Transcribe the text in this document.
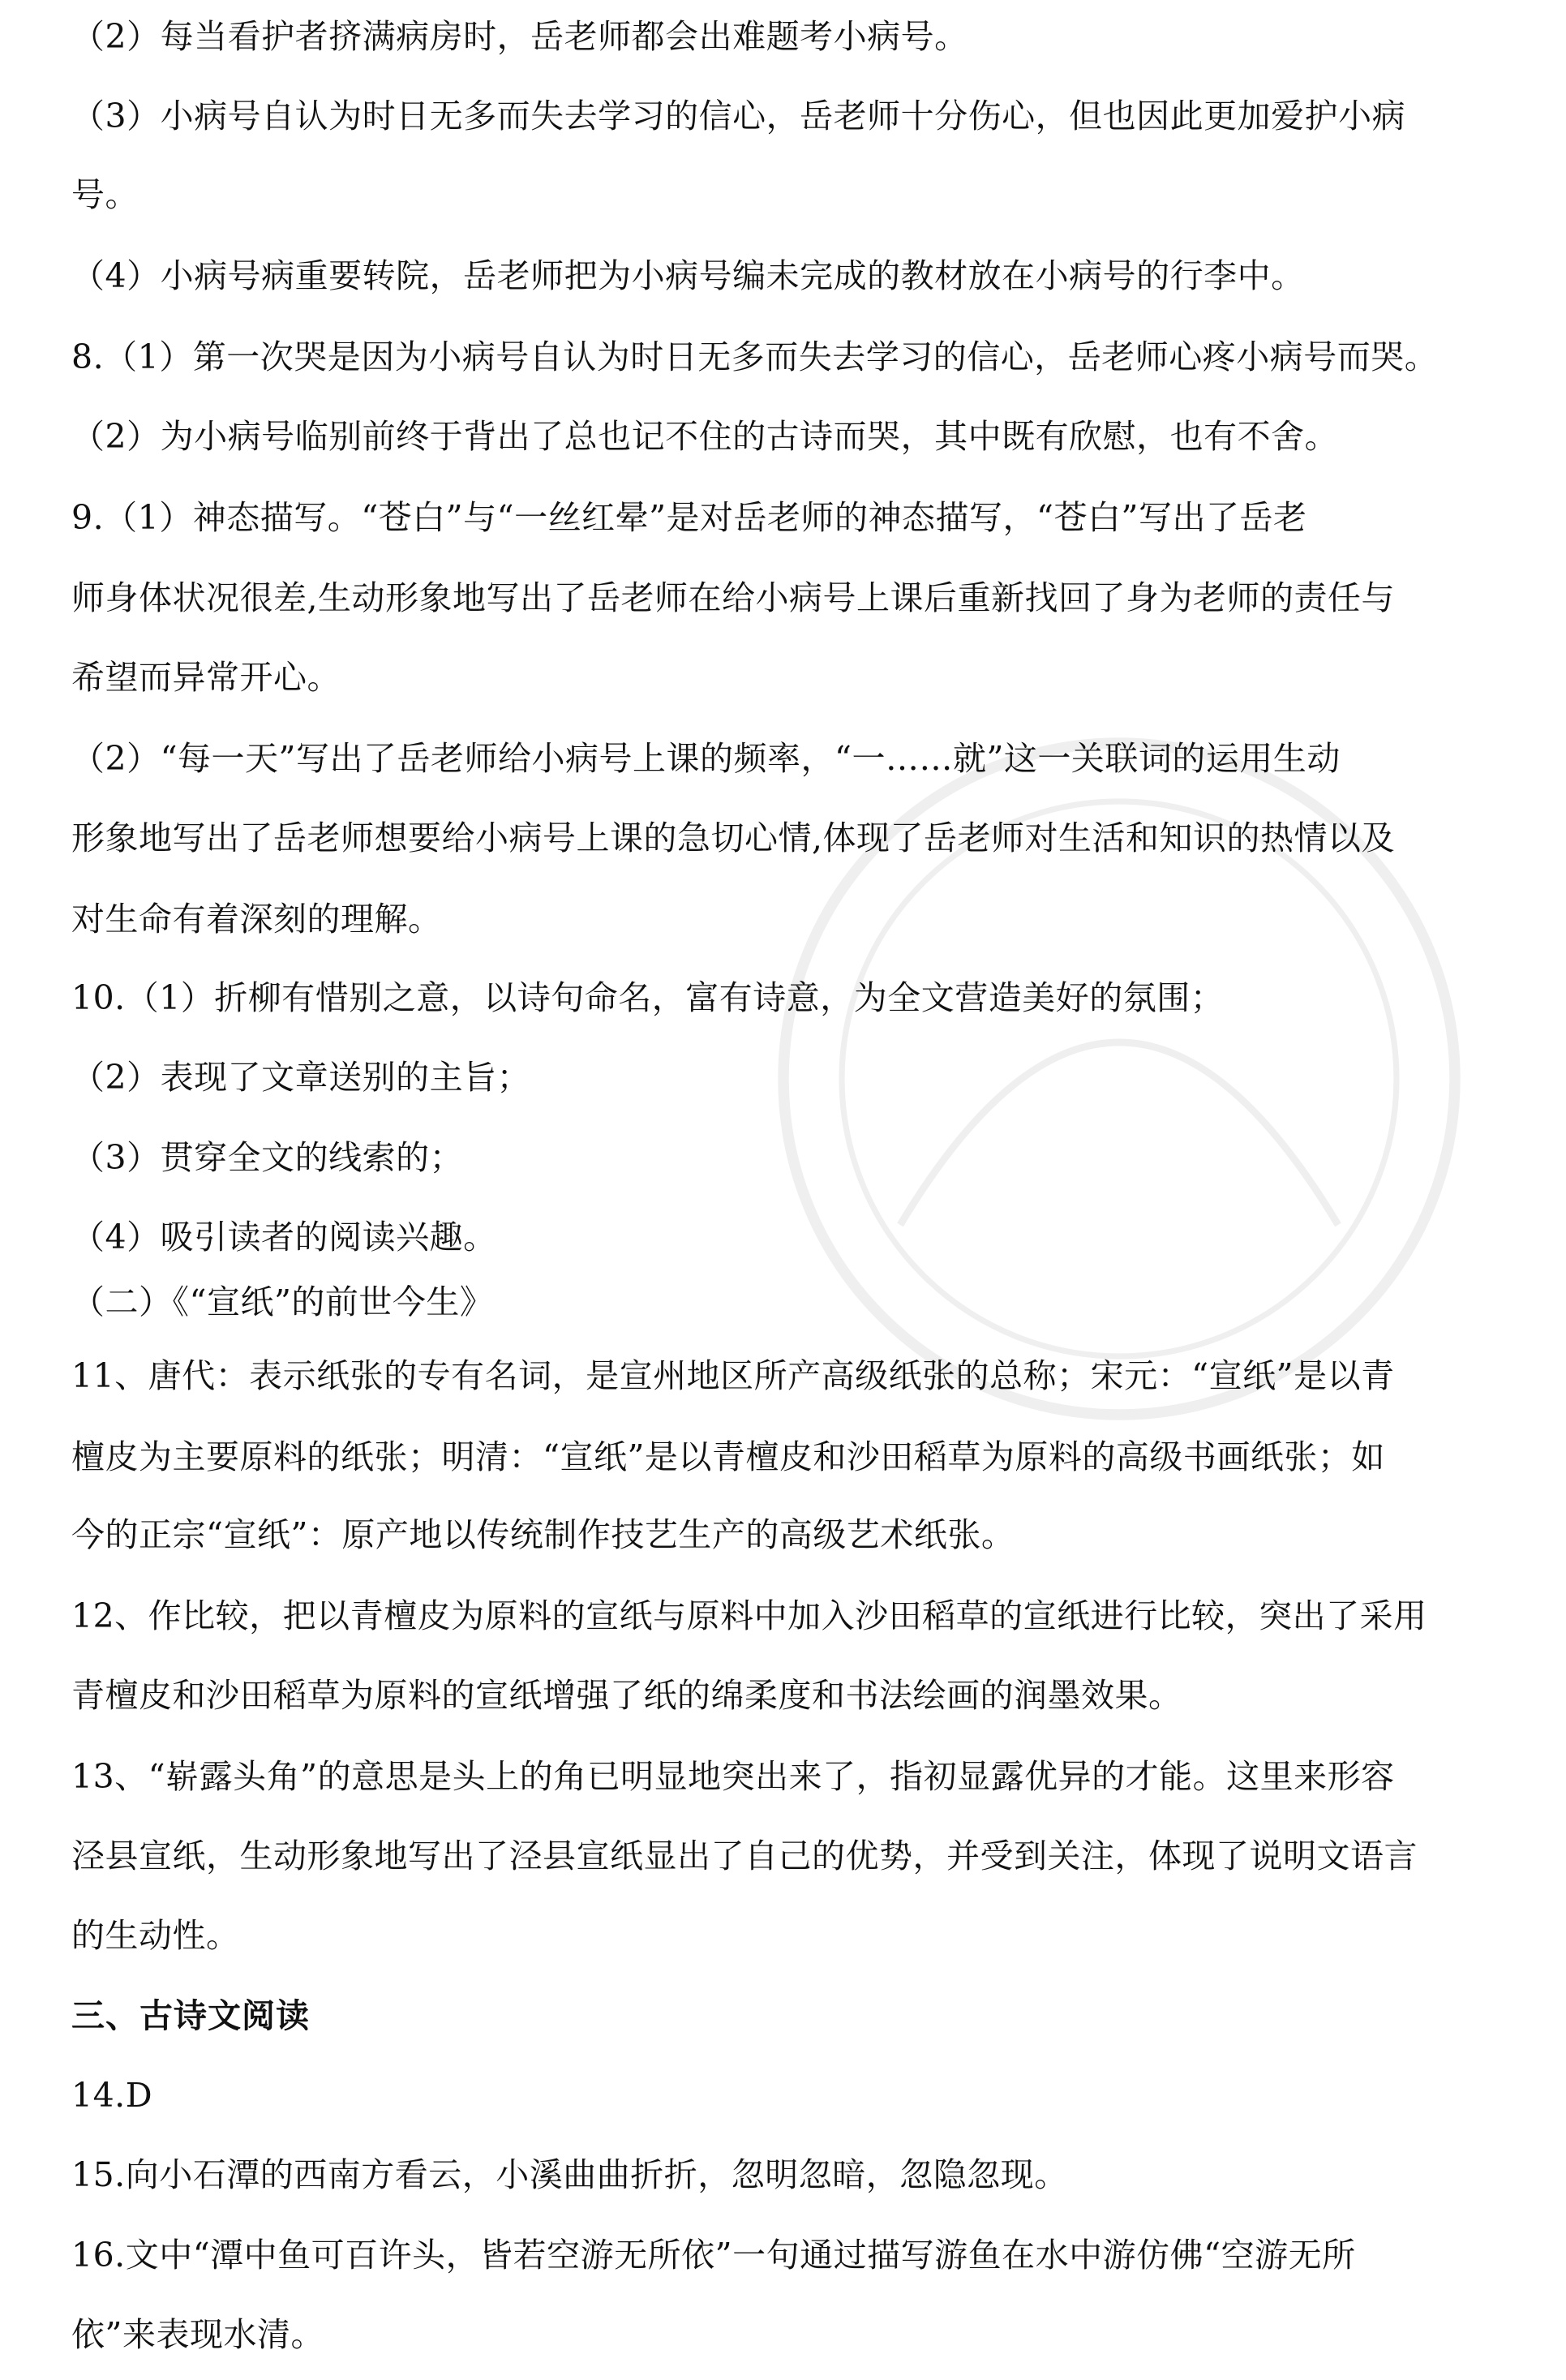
（2）每当看护者挤满病房时，岳老师都会出难题考小病号。
（3）小病号自认为时日无多而失去学习的信心，岳老师十分伤心，但也因此更加爱护小病
号。
（4）小病号病重要转院，岳老师把为小病号编未完成的教材放在小病号的行李中。
8.（1）第一次哭是因为小病号自认为时日无多而失去学习的信心，岳老师心疼小病号而哭。
（2）为小病号临别前终于背出了总也记不住的古诗而哭，其中既有欣慰，也有不舍。
9.（1）神态描写。“苍白”与“一丝红晕”是对岳老师的神态描写，“苍白”写出了岳老
师身体状况很差,生动形象地写出了岳老师在给小病号上课后重新找回了身为老师的责任与
希望而异常开心。
（2）“每一天”写出了岳老师给小病号上课的频率，“一……就”这一关联词的运用生动
形象地写出了岳老师想要给小病号上课的急切心情,体现了岳老师对生活和知识的热情以及
对生命有着深刻的理解。
10.（1）折柳有惜别之意，以诗句命名，富有诗意，为全文营造美好的氛围；
（2）表现了文章送别的主旨；
（3）贯穿全文的线索的；
（4）吸引读者的阅读兴趣。
（二）《“宣纸”的前世今生》
11、唐代：表示纸张的专有名词，是宣州地区所产高级纸张的总称；宋元：“宣纸”是以青
檀皮为主要原料的纸张；明清：“宣纸”是以青檀皮和沙田稻草为原料的高级书画纸张；如
今的正宗“宣纸”：原产地以传统制作技艺生产的高级艺术纸张。
12、作比较，把以青檀皮为原料的宣纸与原料中加入沙田稻草的宣纸进行比较，突出了采用
青檀皮和沙田稻草为原料的宣纸增强了纸的绵柔度和书法绘画的润墨效果。
13、“崭露头角”的意思是头上的角已明显地突出来了，指初显露优异的才能。这里来形容
泾县宣纸，生动形象地写出了泾县宣纸显出了自己的优势，并受到关注，体现了说明文语言
的生动性。
三、古诗文阅读
14.D
15.向小石潭的西南方看云，小溪曲曲折折，忽明忽暗，忽隐忽现。
16.文中“潭中鱼可百许头，皆若空游无所依”一句通过描写游鱼在水中游仿佛“空游无所
依”来表现水清。
